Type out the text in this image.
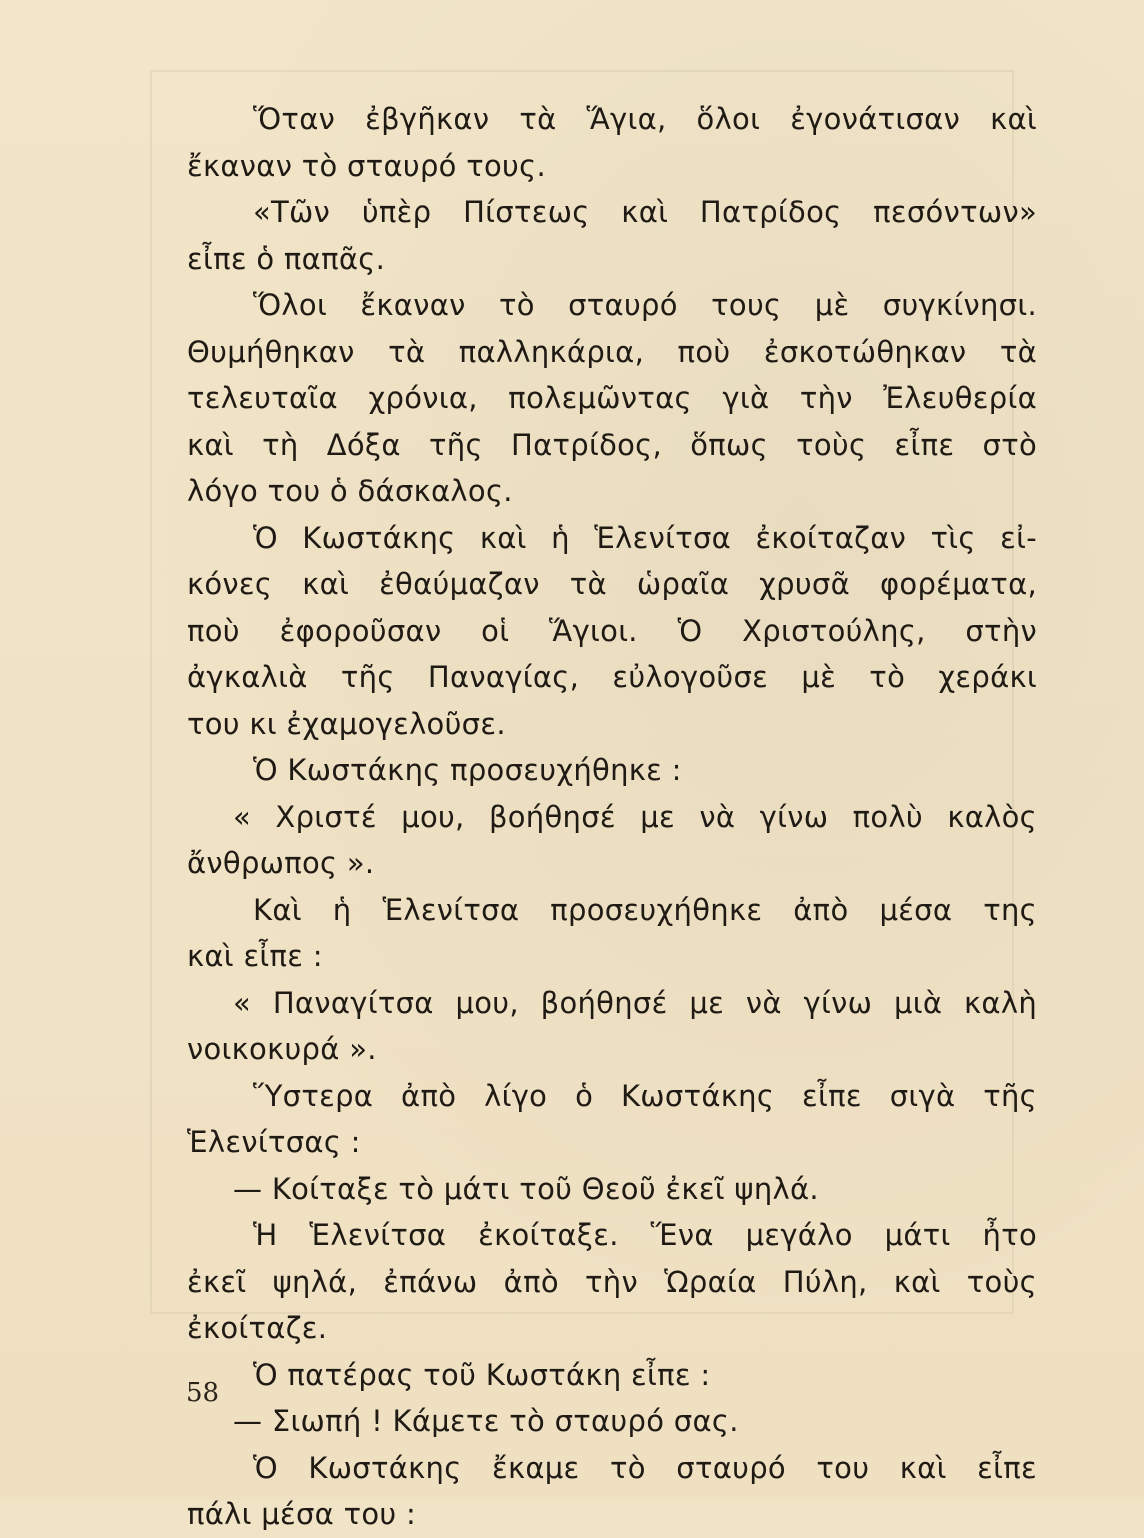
Ὅταν ἐβγῆκαν τὰ Ἅγια, ὅλοι ἐγονάτισαν καὶ
ἔκαναν τὸ σταυρό τους.
«Τῶν ὑπὲρ Πίστεως καὶ Πατρίδος πεσόντων»
εἶπε ὁ παπᾶς.
Ὅλοι ἔκαναν τὸ σταυρό τους μὲ συγκίνησι.
Θυμήθηκαν τὰ παλληκάρια, ποὺ ἐσκοτώθηκαν τὰ
τελευταῖα χρόνια, πολεμῶντας γιὰ τὴν Ἐλευθερία
καὶ τὴ Δόξα τῆς Πατρίδος, ὅπως τοὺς εἶπε στὸ
λόγο του ὁ δάσκαλος.
Ὁ Κωστάκης καὶ ἡ Ἑλενίτσα ἐκοίταζαν τὶς εἰ-
κόνες καὶ ἐθαύμαζαν τὰ ὡραῖα χρυσᾶ φορέματα,
ποὺ ἐφοροῦσαν οἱ Ἅγιοι. Ὁ Χριστούλης, στὴν
ἀγκαλιὰ τῆς Παναγίας, εὐλογοῦσε μὲ τὸ χεράκι
του κι ἐχαμογελοῦσε.
Ὁ Κωστάκης προσευχήθηκε :
« Χριστέ μου, βοήθησέ με νὰ γίνω πολὺ καλὸς
ἄνθρωπος ».
Καὶ ἡ Ἑλενίτσα προσευχήθηκε ἀπὸ μέσα της
καὶ εἶπε :
« Παναγίτσα μου, βοήθησέ με νὰ γίνω μιὰ καλὴ
νοικοκυρά ».
Ὕστερα ἀπὸ λίγο ὁ Κωστάκης εἶπε σιγὰ τῆς
Ἑλενίτσας :
— Κοίταξε τὸ μάτι τοῦ Θεοῦ ἐκεῖ ψηλά.
Ἡ Ἑλενίτσα ἐκοίταξε. Ἕνα μεγάλο μάτι ἦτο
ἐκεῖ ψηλά, ἐπάνω ἀπὸ τὴν Ὡραία Πύλη, καὶ τοὺς
ἐκοίταζε.
Ὁ πατέρας τοῦ Κωστάκη εἶπε :
— Σιωπή ! Κάμετε τὸ σταυρό σας.
Ὁ Κωστάκης ἔκαμε τὸ σταυρό του καὶ εἶπε
πάλι μέσα του :
58
